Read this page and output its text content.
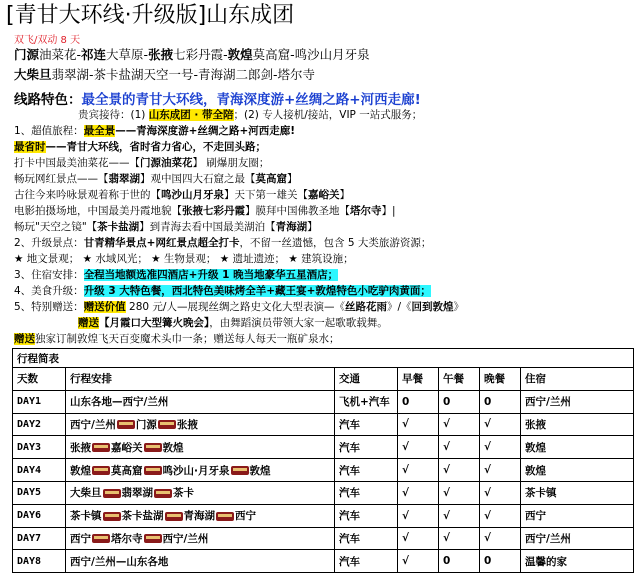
[青甘大环线·升级版]山东成团
双飞/双动 8 天
门源油菜花-祁连大草原-张掖七彩丹霞-敦煌莫高窟-鸣沙山月牙泉
大柴旦翡翠湖-茶卡盐湖天空一号-青海湖二郎剑-塔尔寺
线路特色：最全景的青甘大环线，青海深度游+丝绸之路+河西走廊!
贵宾接待：(1) 山东成团 · 带全陪；(2) 专人接机/接站，VIP 一站式服务；
1、超值旅程：最全景——青海深度游+丝绸之路+河西走廊!
最省时——青甘大环线，省时省力省心，不走回头路；
打卡中国最美油菜花——【门源油菜花】 刷爆朋友圈；
畅玩网红景点——【翡翠湖】观中国四大石窟之最【莫高窟】
古往今来吟咏景观着称于世的【鸣沙山月牙泉】天下第一雄关【嘉峪关】
电影拍摄场地，中国最美丹霞地貌【张掖七彩丹霞】膜拜中国佛教圣地【塔尔寺】|
畅玩"天空之镜"【茶卡盐湖】到青海去看中国最美湖泊【青海湖】
2、升级景点：甘青精华景点+网红景点超全打卡，不留一丝遗憾，包含 5 大类旅游资源；
★ 地文景观； ★ 水域风光； ★ 生物景观； ★ 遗址遗迹； ★ 建筑设施；
3、住宿安排：全程当地额选准四酒店+升级 1 晚当地豪华五星酒店；
4、美食升级：升级 3 大特色餐，西北特色美味烤全羊+藏王宴+敦煌特色小吃驴肉黄面；
5、特别赠送：赠送价值 280 元/人—展现丝绸之路史文化大型表演—《丝路花雨》/《回到敦煌》
赠送【月霞口大型篝火晚会】，由舞蹈演员带领大家一起歌歌载舞。
赠送独家订制敦煌飞天百变魔术头巾一条；赠送每人每天一瓶矿泉水；
行程简表						
天数	行程安排	交通	早餐	午餐	晚餐	住宿
DAY1	山东各地—西宁/兰州	飞机+汽车	0	0	0	西宁/兰州
DAY2	西宁/兰州 门源 张掖	汽车	√	√	√	张掖
DAY3	张掖 嘉峪关 敦煌	汽车	√	√	√	敦煌
DAY4	敦煌 莫高窟 鸣沙山·月牙泉 敦煌	汽车	√	√	√	敦煌
DAY5	大柴旦 翡翠湖 茶卡	汽车	√	√	√	茶卡镇
DAY6	茶卡镇 茶卡盐湖 青海湖 西宁	汽车	√	√	√	西宁
DAY7	西宁 塔尔寺 西宁/兰州	汽车	√	√	√	西宁/兰州
DAY8	西宁/兰州—山东各地	汽车	√	0	0	温馨的家
